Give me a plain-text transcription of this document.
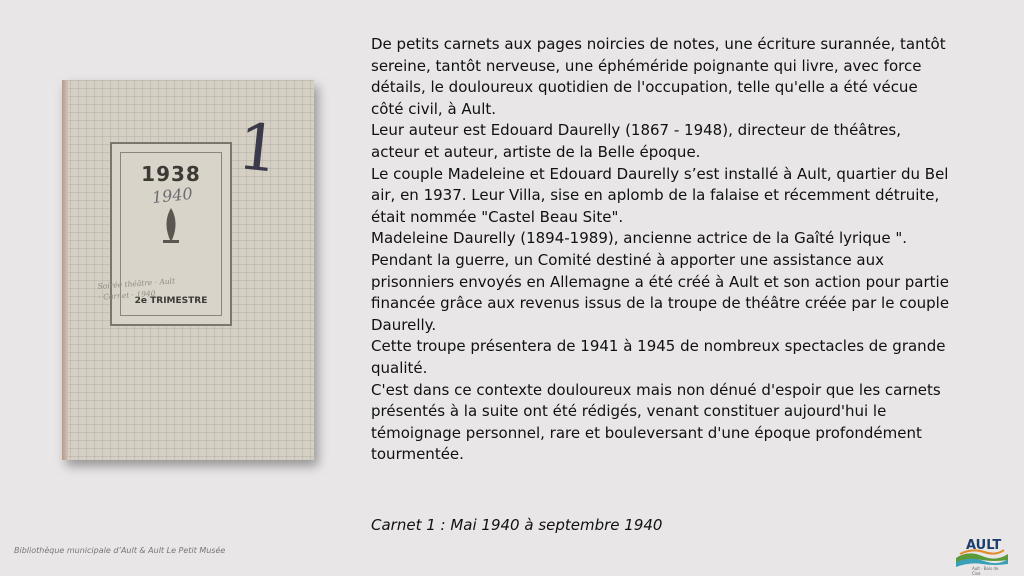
1938
1940
2e TRIMESTRE
1
Soirée théâtre · Ault · Carnet · 1940

De petits carnets aux pages noircies de notes, une écriture surannée, tantôt sereine, tantôt nerveuse, une éphéméride poignante qui livre, avec force détails, le douloureux quotidien de l'occupation, telle qu'elle a été vécue côté civil, à Ault.

Leur auteur est Edouard Daurelly (1867 - 1948), directeur de théâtres, acteur et auteur, artiste de la Belle époque.

Le couple Madeleine et Edouard Daurelly s’est installé à Ault, quartier du Bel air, en 1937. Leur Villa, sise en aplomb de la falaise et récemment détruite, était nommée "Castel Beau Site".

Madeleine Daurelly (1894-1989), ancienne actrice de la Gaîté lyrique ".

Pendant la guerre, un Comité destiné à apporter une assistance aux prisonniers envoyés en Allemagne a été créé à Ault et son action pour partie financée grâce aux revenus issus de la troupe de théâtre créée par le couple Daurelly.

Cette troupe présentera de 1941 à 1945 de nombreux spectacles de grande qualité.

C'est dans ce contexte douloureux mais non dénué d'espoir que les carnets présentés à la suite ont été rédigés, venant constituer aujourd'hui le témoignage personnel, rare et bouleversant d'une époque profondément tourmentée.

Carnet 1 : Mai 1940 à septembre 1940
Bibliothèque municipale d’Ault & Ault Le Petit Musée	AULT
Ault · Bois de Cise
